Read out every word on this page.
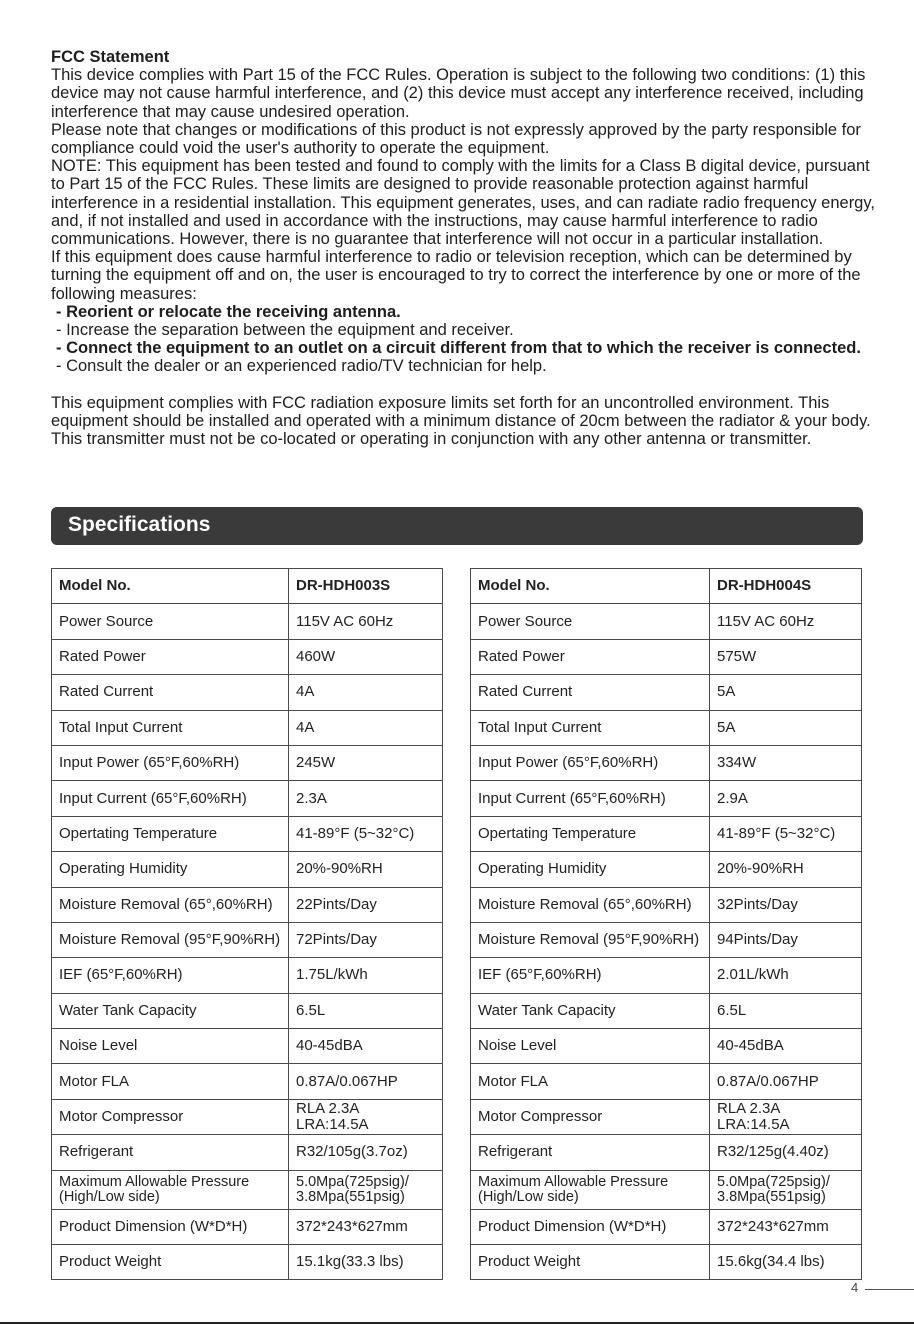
FCC Statement

This device complies with Part 15 of the FCC Rules. Operation is subject to the following two conditions: (1) this device may not cause harmful interference, and (2) this device must accept any interference received, including interference that may cause undesired operation.

Please note that changes or modifications of this product is not expressly approved by the party responsible for compliance could void the user's authority to operate the equipment.

NOTE: This equipment has been tested and found to comply with the limits for a Class B digital device, pursuant to Part 15 of the FCC Rules. These limits are designed to provide reasonable protection against harmful interference in a residential installation. This equipment generates, uses, and can radiate radio frequency energy, and, if not installed and used in accordance with the instructions, may cause harmful interference to radio communications. However, there is no guarantee that interference will not occur in a particular installation.

If this equipment does cause harmful interference to radio or television reception, which can be determined by turning the equipment off and on, the user is encouraged to try to correct the interference by one or more of the following measures:

- Reorient or relocate the receiving antenna.

- Increase the separation between the equipment and receiver.

- Connect the equipment to an outlet on a circuit different from that to which the receiver is connected.

- Consult the dealer or an experienced radio/TV technician for help.

This equipment complies with FCC radiation exposure limits set forth for an uncontrolled environment. This equipment should be installed and operated with a minimum distance of 20cm between the radiator & your body. This transmitter must not be co-located or operating in conjunction with any other antenna or transmitter.

Specifications
Model No.	DR-HDH003S
Power Source	115V AC 60Hz
Rated Power	460W
Rated Current	4A
Total Input Current	4A
Input Power (65°F,60%RH)	245W
Input Current (65°F,60%RH)	2.3A
Opertating Temperature	41-89°F (5~32°C)
Operating Humidity	20%-90%RH
Moisture Removal (65°,60%RH)	22Pints/Day
Moisture Removal (95°F,90%RH)	72Pints/Day
IEF (65°F,60%RH)	1.75L/kWh
Water Tank Capacity	6.5L
Noise Level	40-45dBA
Motor FLA	0.87A/0.067HP
Motor Compressor	RLA 2.3A LRA:14.5A
Refrigerant	R32/105g(3.7oz)
Maximum Allowable Pressure (High/Low side)	5.0Mpa(725psig)/ 3.8Mpa(551psig)
Product Dimension (W*D*H)	372*243*627mm
Product Weight	15.1kg(33.3 lbs)
Model No.	DR-HDH004S
Power Source	115V AC 60Hz
Rated Power	575W
Rated Current	5A
Total Input Current	5A
Input Power (65°F,60%RH)	334W
Input Current (65°F,60%RH)	2.9A
Opertating Temperature	41-89°F (5~32°C)
Operating Humidity	20%-90%RH
Moisture Removal (65°,60%RH)	32Pints/Day
Moisture Removal (95°F,90%RH)	94Pints/Day
IEF (65°F,60%RH)	2.01L/kWh
Water Tank Capacity	6.5L
Noise Level	40-45dBA
Motor FLA	0.87A/0.067HP
Motor Compressor	RLA 2.3A LRA:14.5A
Refrigerant	R32/125g(4.40z)
Maximum Allowable Pressure (High/Low side)	5.0Mpa(725psig)/ 3.8Mpa(551psig)
Product Dimension (W*D*H)	372*243*627mm
Product Weight	15.6kg(34.4 lbs)
4
